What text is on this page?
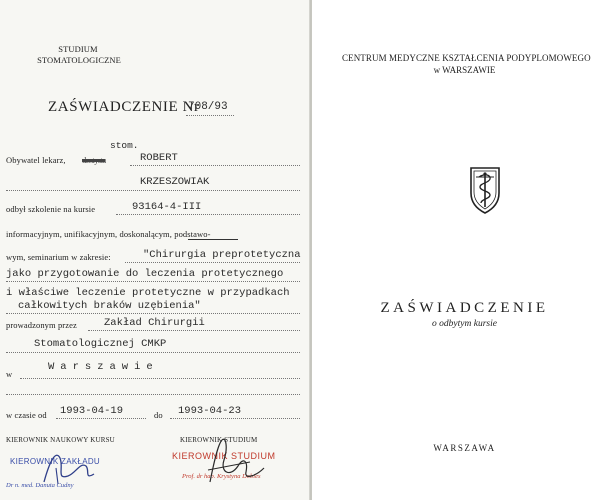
STUDIUM
STOMATOLOGICZNE
ZAŚWIADCZENIE Nr
708/93
stom.
Obywatel lekarz, dentysta	ROBERT
KRZESZOWIAK
odbył szkolenie na kursie	93164-4-III
informacyjnym, unifikacyjnym, doskonalącym, podstawo-
wym, seminarium w zakresie:	"Chirurgia preprotetyczna
jako przygotowanie do leczenia protetycznego
i właściwe leczenie protetyczne w przypadkach
całkowitych braków uzębienia"
prowadzonym przez	Zakład Chirurgii
Stomatologicznej CMKP
w
Warszawie
w czasie od 1993-04-19	do 1993-04-23
KIEROWNIK NAUKOWY KURSU	KIEROWNIK STUDIUM
KIEROWNIK ZAKŁADU
Dr n. med. Danuta Cudny
KIEROWNIK STUDIUM
Prof. dr hab. Krystyna Dobies
CENTRUM MEDYCZNE KSZTAŁCENIA PODYPLOMOWEGO
w WARSZAWIE
ZAŚWIADCZENIE
o odbytym kursie
WARSZAWA
